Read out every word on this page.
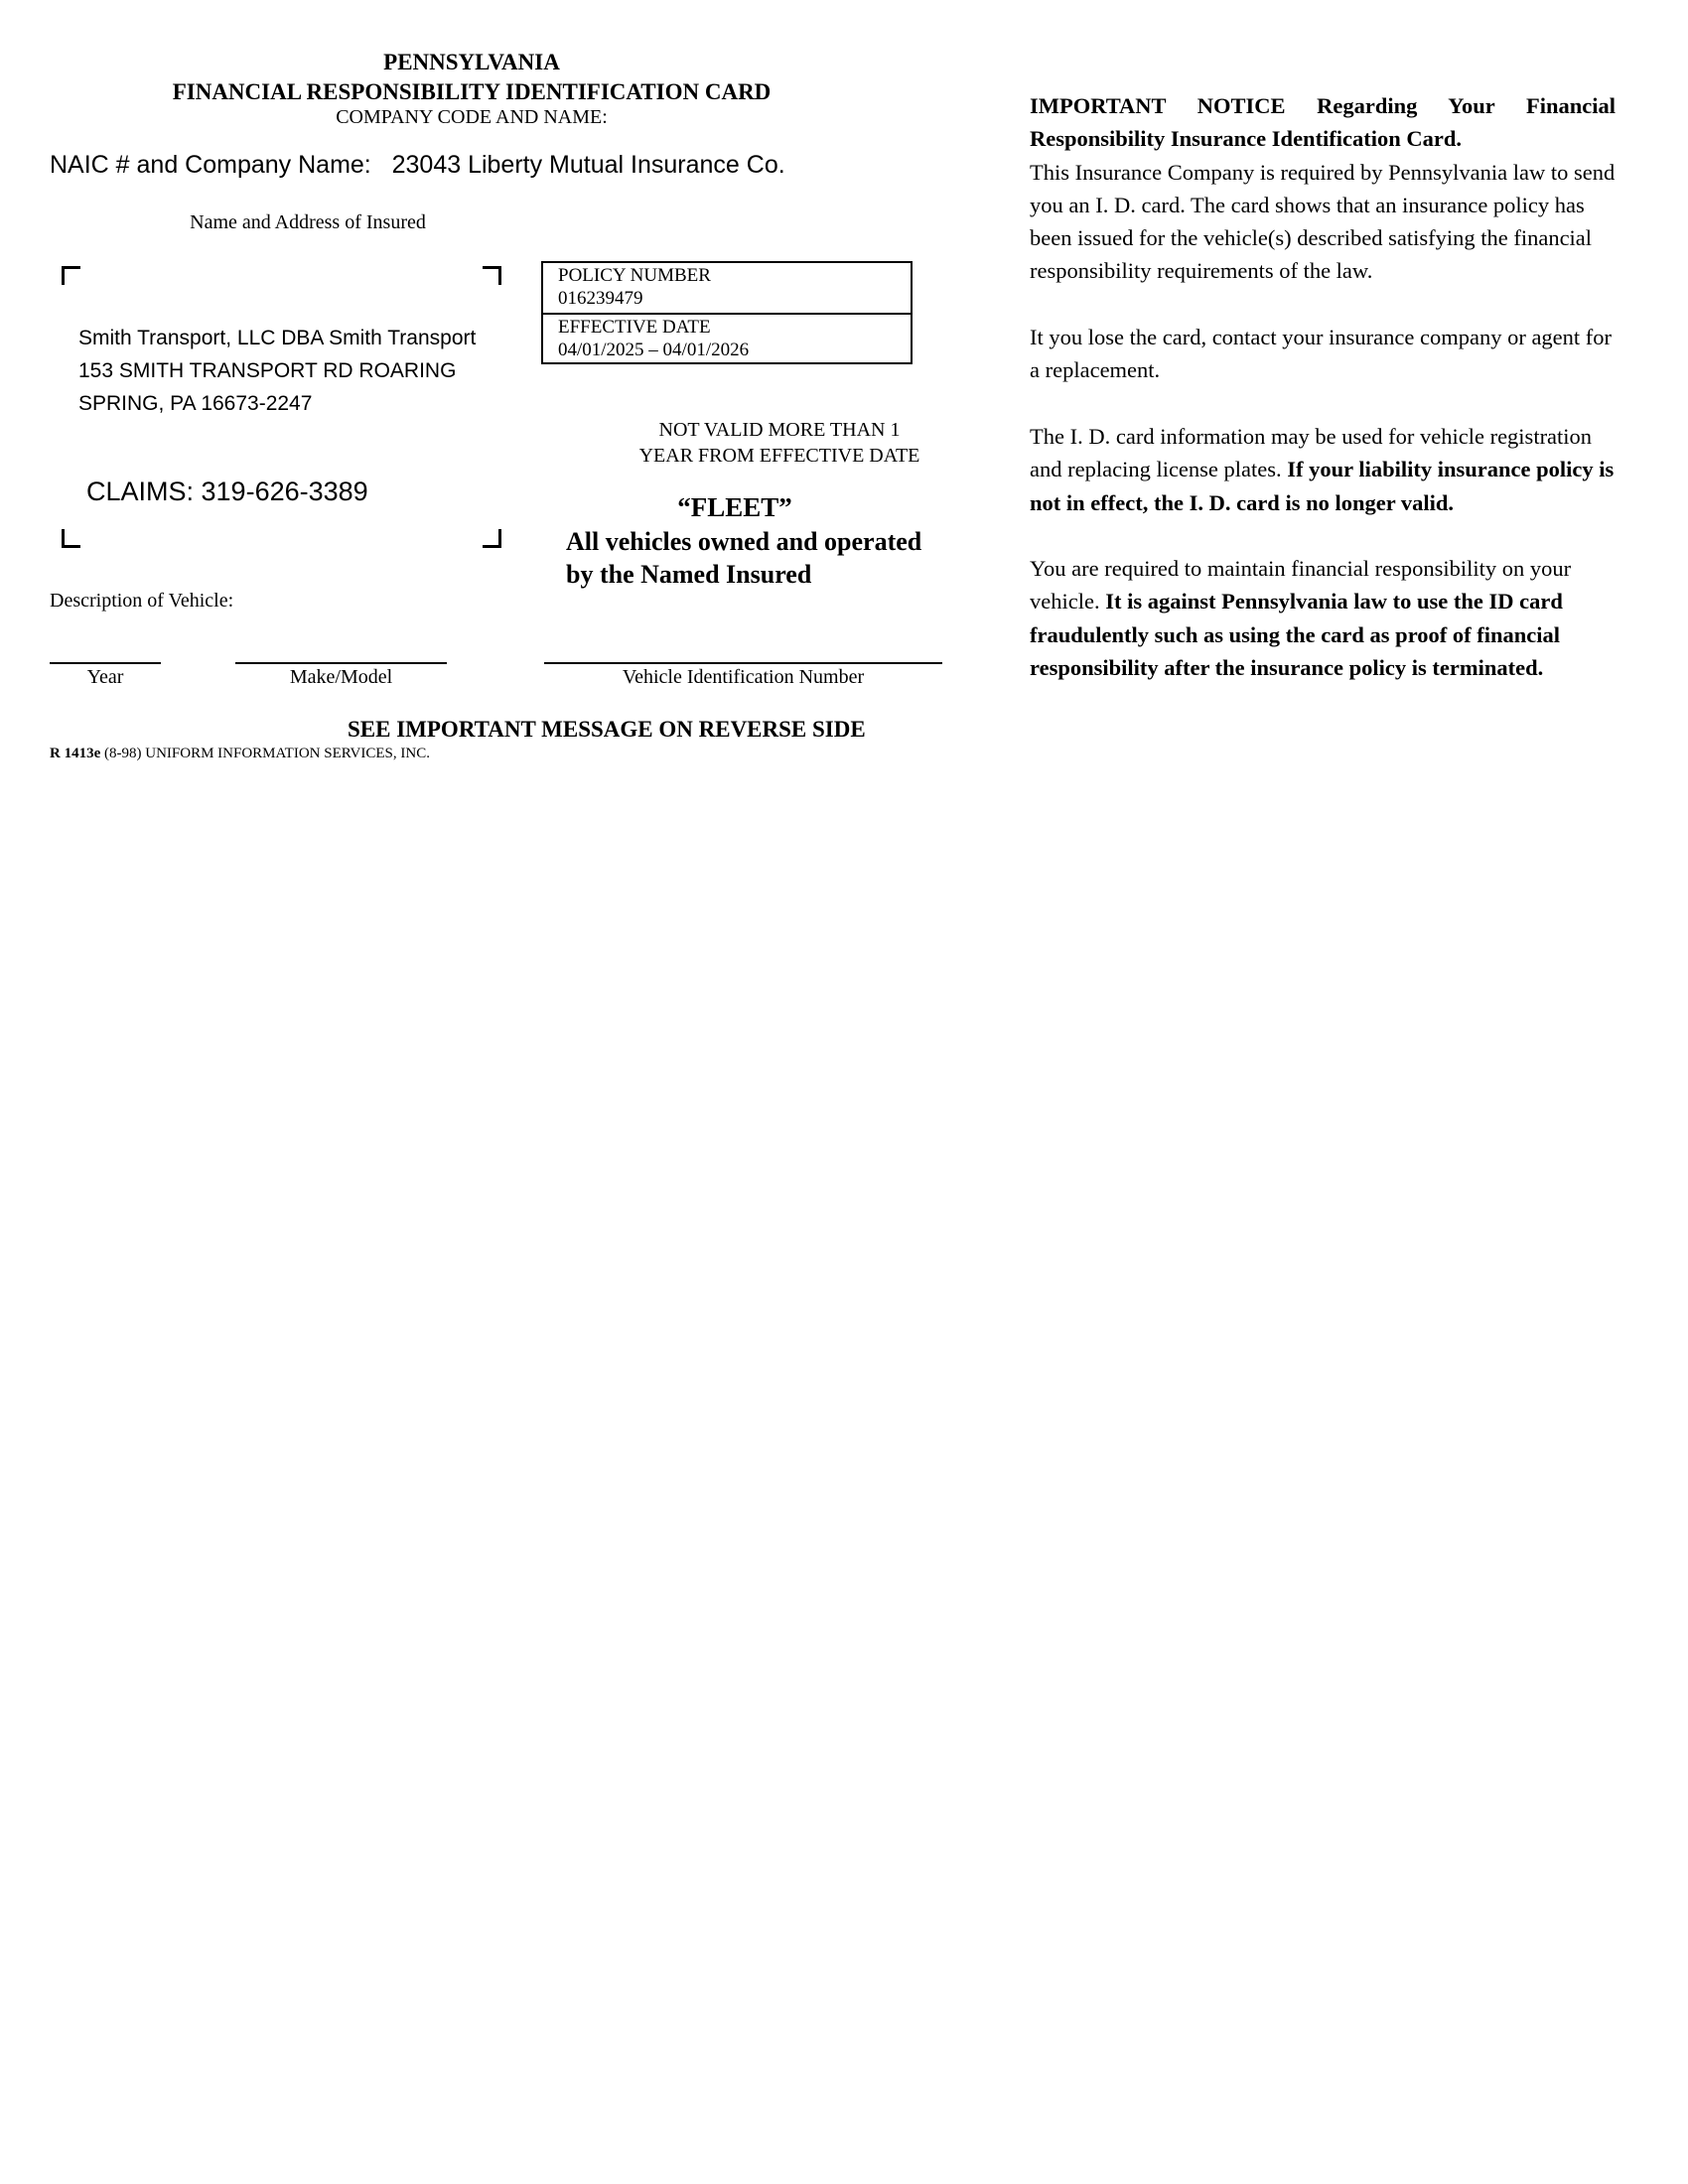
PENNSYLVANIA
FINANCIAL RESPONSIBILITY IDENTIFICATION CARD
COMPANY CODE AND NAME:
NAIC # and Company Name: 23043 Liberty Mutual Insurance Co.
Name and Address of Insured
Smith Transport, LLC DBA Smith Transport
153 SMITH TRANSPORT RD ROARING
SPRING, PA 16673-2247
CLAIMS: 319-626-3389
POLICY NUMBER
016239479
EFFECTIVE DATE
04/01/2025 – 04/01/2026
NOT VALID MORE THAN 1
YEAR FROM EFFECTIVE DATE
“FLEET”
All vehicles owned and operated
by the Named Insured
Description of Vehicle:
Year	Make/Model	Vehicle Identification Number
SEE IMPORTANT MESSAGE ON REVERSE SIDE
R 1413e (8-98) UNIFORM INFORMATION SERVICES, INC.
IMPORTANT NOTICE Regarding Your Financial Responsibility Insurance Identification Card.

This Insurance Company is required by Pennsylvania law to send you an I. D. card. The card shows that an insurance policy has been issued for the vehicle(s) described satisfying the financial responsibility requirements of the law.

It you lose the card, contact your insurance company or agent for a replacement.

The I. D. card information may be used for vehicle registration and replacing license plates. If your liability insurance policy is not in effect, the I. D. card is no longer valid.

You are required to maintain financial responsibility on your vehicle. It is against Pennsylvania law to use the ID card fraudulently such as using the card as proof of financial responsibility after the insurance policy is terminated.
